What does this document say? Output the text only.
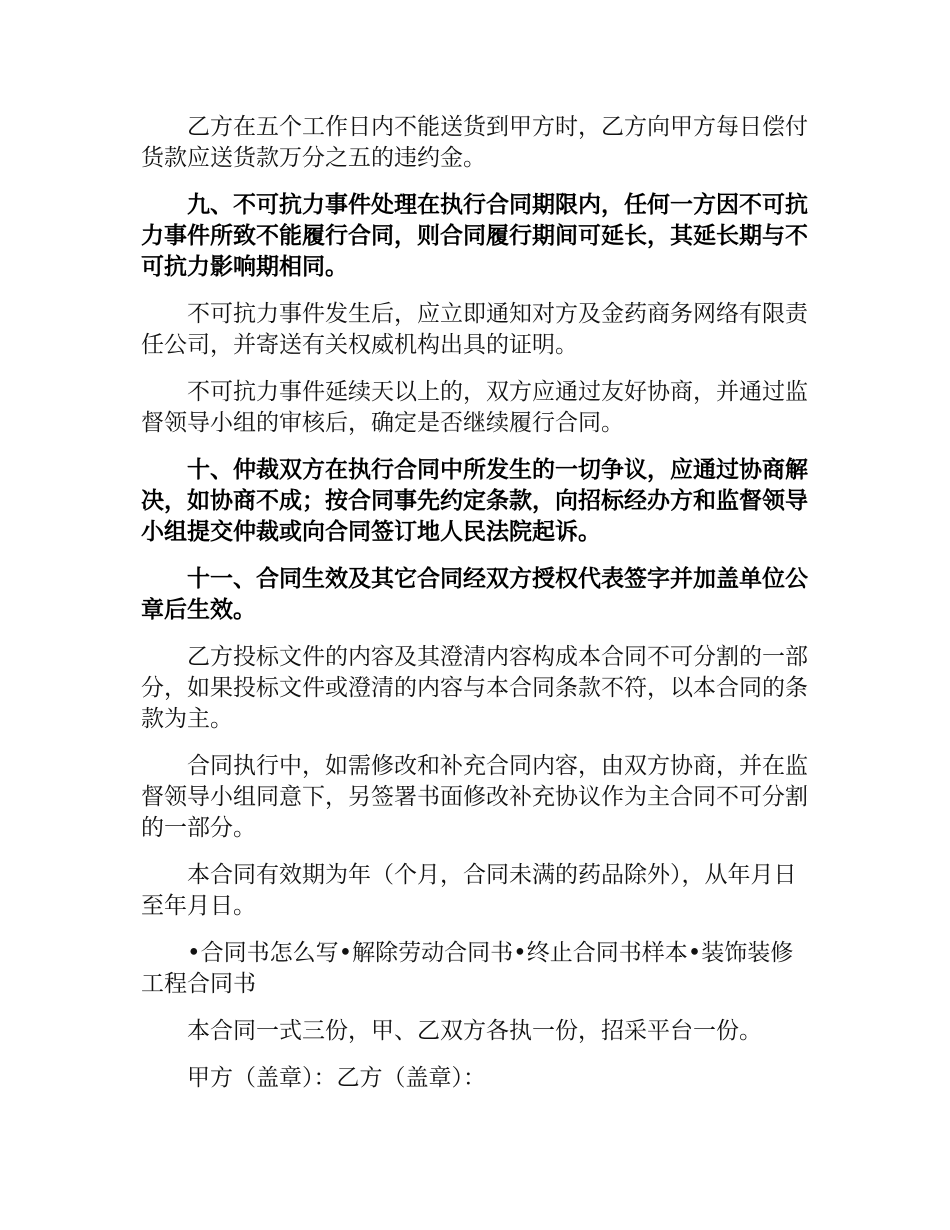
乙方在五个工作日内不能送货到甲方时，乙方向甲方每日偿付货款应送货款万分之五的违约金。

九、不可抗力事件处理在执行合同期限内，任何一方因不可抗力事件所致不能履行合同，则合同履行期间可延长，其延长期与不可抗力影响期相同。

不可抗力事件发生后，应立即通知对方及金药商务网络有限责任公司，并寄送有关权威机构出具的证明。

不可抗力事件延续天以上的，双方应通过友好协商，并通过监督领导小组的审核后，确定是否继续履行合同。

十、仲裁双方在执行合同中所发生的一切争议，应通过协商解决，如协商不成；按合同事先约定条款，向招标经办方和监督领导小组提交仲裁或向合同签订地人民法院起诉。

十一、合同生效及其它合同经双方授权代表签字并加盖单位公章后生效。

乙方投标文件的内容及其澄清内容构成本合同不可分割的一部分，如果投标文件或澄清的内容与本合同条款不符，以本合同的条款为主。

合同执行中，如需修改和补充合同内容，由双方协商，并在监督领导小组同意下，另签署书面修改补充协议作为主合同不可分割的一部分。

本合同有效期为年（个月，合同未满的药品除外），从年月日至年月日。

•合同书怎么写•解除劳动合同书•终止合同书样本•装饰装修工程合同书

本合同一式三份，甲、乙双方各执一份，招采平台一份。

甲方（盖章）：乙方（盖章）：
